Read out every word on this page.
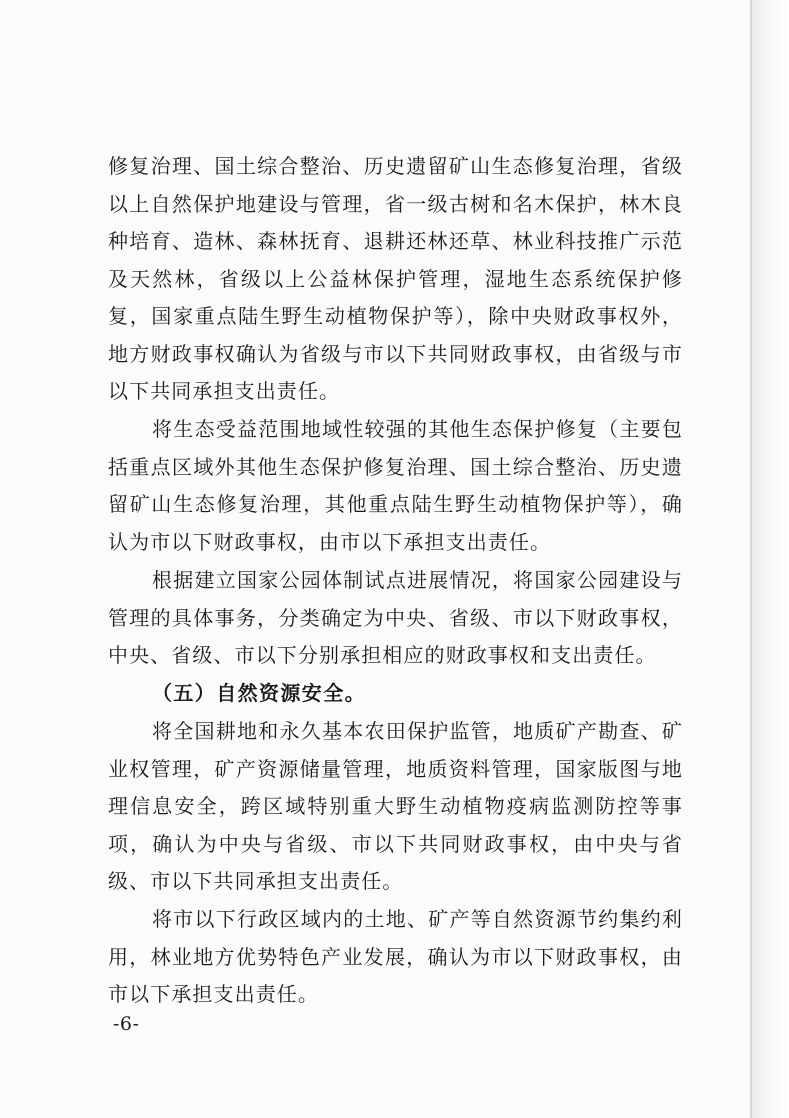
修复治理、国土综合整治、历史遗留矿山生态修复治理，省级以上自然保护地建设与管理，省一级古树和名木保护，林木良种培育、造林、森林抚育、退耕还林还草、林业科技推广示范及天然林，省级以上公益林保护管理，湿地生态系统保护修复，国家重点陆生野生动植物保护等），除中央财政事权外，地方财政事权确认为省级与市以下共同财政事权，由省级与市以下共同承担支出责任。

将生态受益范围地域性较强的其他生态保护修复（主要包括重点区域外其他生态保护修复治理、国土综合整治、历史遗留矿山生态修复治理，其他重点陆生野生动植物保护等），确认为市以下财政事权，由市以下承担支出责任。

根据建立国家公园体制试点进展情况，将国家公园建设与管理的具体事务，分类确定为中央、省级、市以下财政事权，中央、省级、市以下分别承担相应的财政事权和支出责任。

（五）自然资源安全。

将全国耕地和永久基本农田保护监管，地质矿产勘查、矿业权管理，矿产资源储量管理，地质资料管理，国家版图与地理信息安全，跨区域特别重大野生动植物疫病监测防控等事项，确认为中央与省级、市以下共同财政事权，由中央与省级、市以下共同承担支出责任。

将市以下行政区域内的土地、矿产等自然资源节约集约利用，林业地方优势特色产业发展，确认为市以下财政事权，由市以下承担支出责任。

-6-
